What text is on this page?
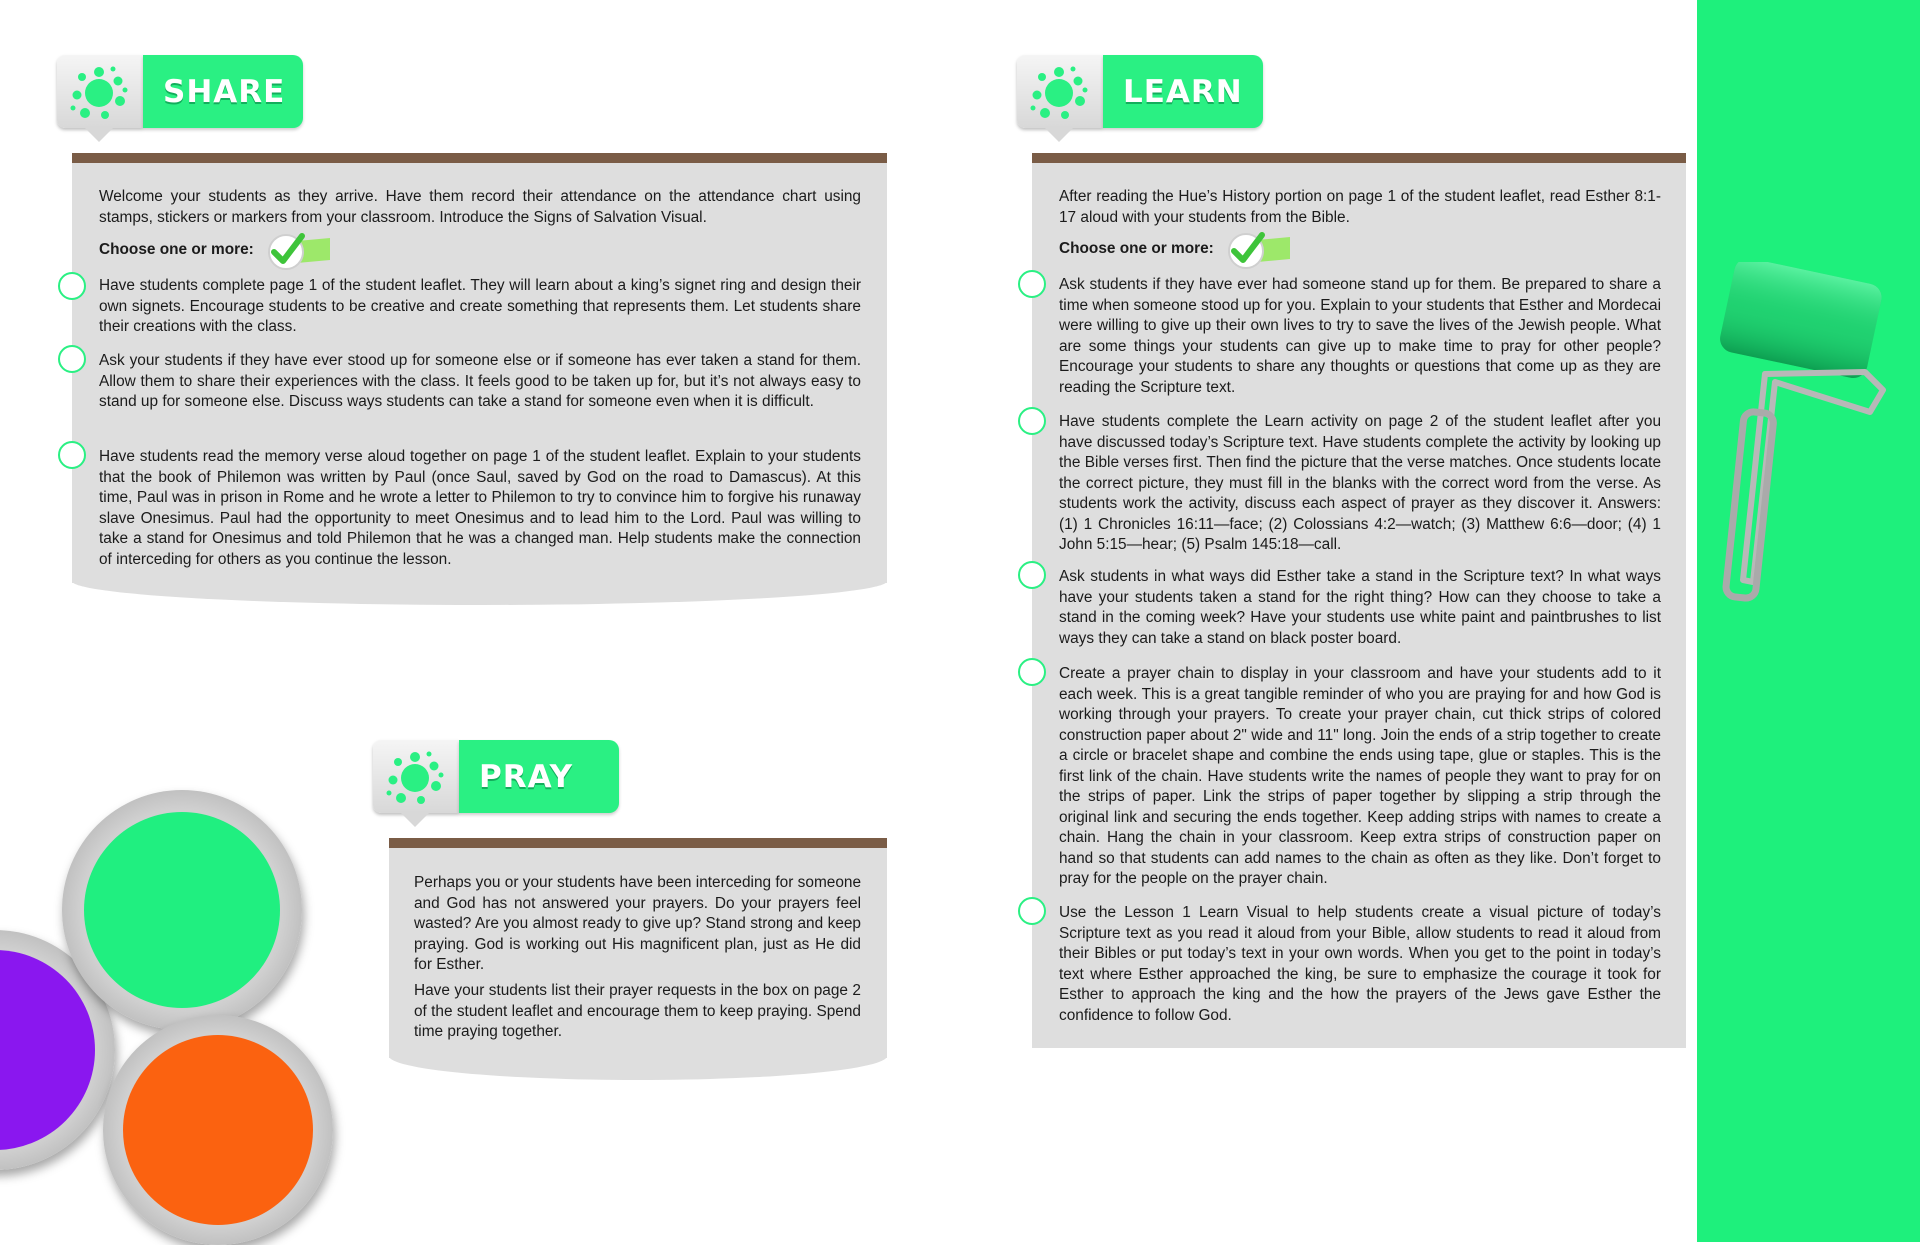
SHARE
Welcome your students as they arrive. Have them record their attendance on the attendance chart using stamps, stickers or markers from your classroom. Introduce the Signs of Salvation Visual.
Choose one or more:
Have students complete page 1 of the student leaflet. They will learn about a king’s signet ring and design their own signets. Encourage students to be creative and create something that represents them. Let students share their creations with the class.
Ask your students if they have ever stood up for someone else or if someone has ever taken a stand for them. Allow them to share their experiences with the class. It feels good to be taken up for, but it’s not always easy to stand up for someone else. Discuss ways students can take a stand for someone even when it is difficult.
Have students read the memory verse aloud together on page 1 of the student leaflet. Explain to your students that the book of Philemon was written by Paul (once Saul, saved by God on the road to Damascus). At this time, Paul was in prison in Rome and he wrote a letter to Philemon to try to convince him to forgive his runaway slave Onesimus. Paul had the opportunity to meet Onesimus and to lead him to the Lord. Paul was willing to take a stand for Onesimus and told Philemon that he was a changed man. Help students make the connection of interceding for others as you continue the lesson.
PRAY
Perhaps you or your students have been interceding for someone and God has not answered your prayers. Do your prayers feel wasted? Are you almost ready to give up? Stand strong and keep praying. God is working out His magnificent plan, just as He did for Esther.
Have your students list their prayer requests in the box on page 2 of the student leaflet and encourage them to keep praying. Spend time praying together.
LEARN
After reading the Hue’s History portion on page 1 of the student leaflet, read Esther 8:1-17 aloud with your students from the Bible.
Choose one or more:
Ask students if they have ever had someone stand up for them. Be prepared to share a time when someone stood up for you. Explain to your students that Esther and Mordecai were willing to give up their own lives to try to save the lives of the Jewish people. What are some things your students can give up to make time to pray for other people? Encourage your students to share any thoughts or questions that come up as they are reading the Scripture text.
Have students complete the Learn activity on page 2 of the student leaflet after you have discussed today’s Scripture text. Have students complete the activity by looking up the Bible verses first. Then find the picture that the verse matches. Once students locate the correct picture, they must fill in the blanks with the correct word from the verse. As students work the activity, discuss each aspect of prayer as they discover it. Answers: (1) 1 Chronicles 16:11—face; (2) Colossians 4:2—watch; (3) Matthew 6:6—door; (4) 1 John 5:15—hear; (5) Psalm 145:18—call.
Ask students in what ways did Esther take a stand in the Scripture text? In what ways have your students taken a stand for the right thing? How can they choose to take a stand in the coming week? Have your students use white paint and paintbrushes to list ways they can take a stand on black poster board.
Create a prayer chain to display in your classroom and have your students add to it each week. This is a great tangible reminder of who you are praying for and how God is working through your prayers. To create your prayer chain, cut thick strips of colored construction paper about 2" wide and 11" long. Join the ends of a strip together to create a circle or bracelet shape and combine the ends using tape, glue or staples. This is the first link of the chain. Have students write the names of people they want to pray for on the strips of paper. Link the strips of paper together by slipping a strip through the original link and securing the ends together. Keep adding strips with names to create a chain. Hang the chain in your classroom. Keep extra strips of construction paper on hand so that students can add names to the chain as often as they like. Don’t forget to pray for the people on the prayer chain.
Use the Lesson 1 Learn Visual to help students create a visual picture of today’s Scripture text as you read it aloud from your Bible, allow students to read it aloud from their Bibles or put today’s text in your own words. When you get to the point in today’s text where Esther approached the king, be sure to emphasize the courage it took for Esther to approach the king and the how the prayers of the Jews gave Esther the confidence to follow God.
